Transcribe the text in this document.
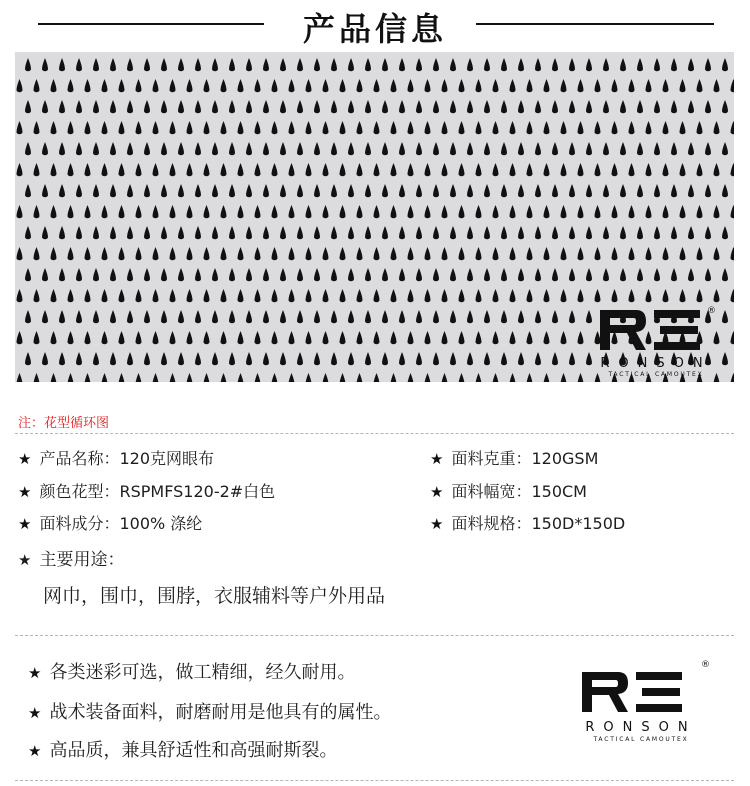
产品信息
RONSON
TACTICAL CAMOUTEX
®
注：花型循环图
★ 产品名称：120克网眼布
★ 颜色花型：RSPMFS120-2#白色
★ 面料成分：100% 涤纶
★ 面料克重：120GSM
★ 面料幅宽：150CM
★ 面料规格：150D*150D
★ 主要用途：
网巾，围巾，围脖，衣服辅料等户外用品
★ 各类迷彩可选，做工精细，经久耐用。
★ 战术装备面料，耐磨耐用是他具有的属性。
★ 高品质，兼具舒适性和高强耐斯裂。
RONSON
TACTICAL CAMOUTEX
®
